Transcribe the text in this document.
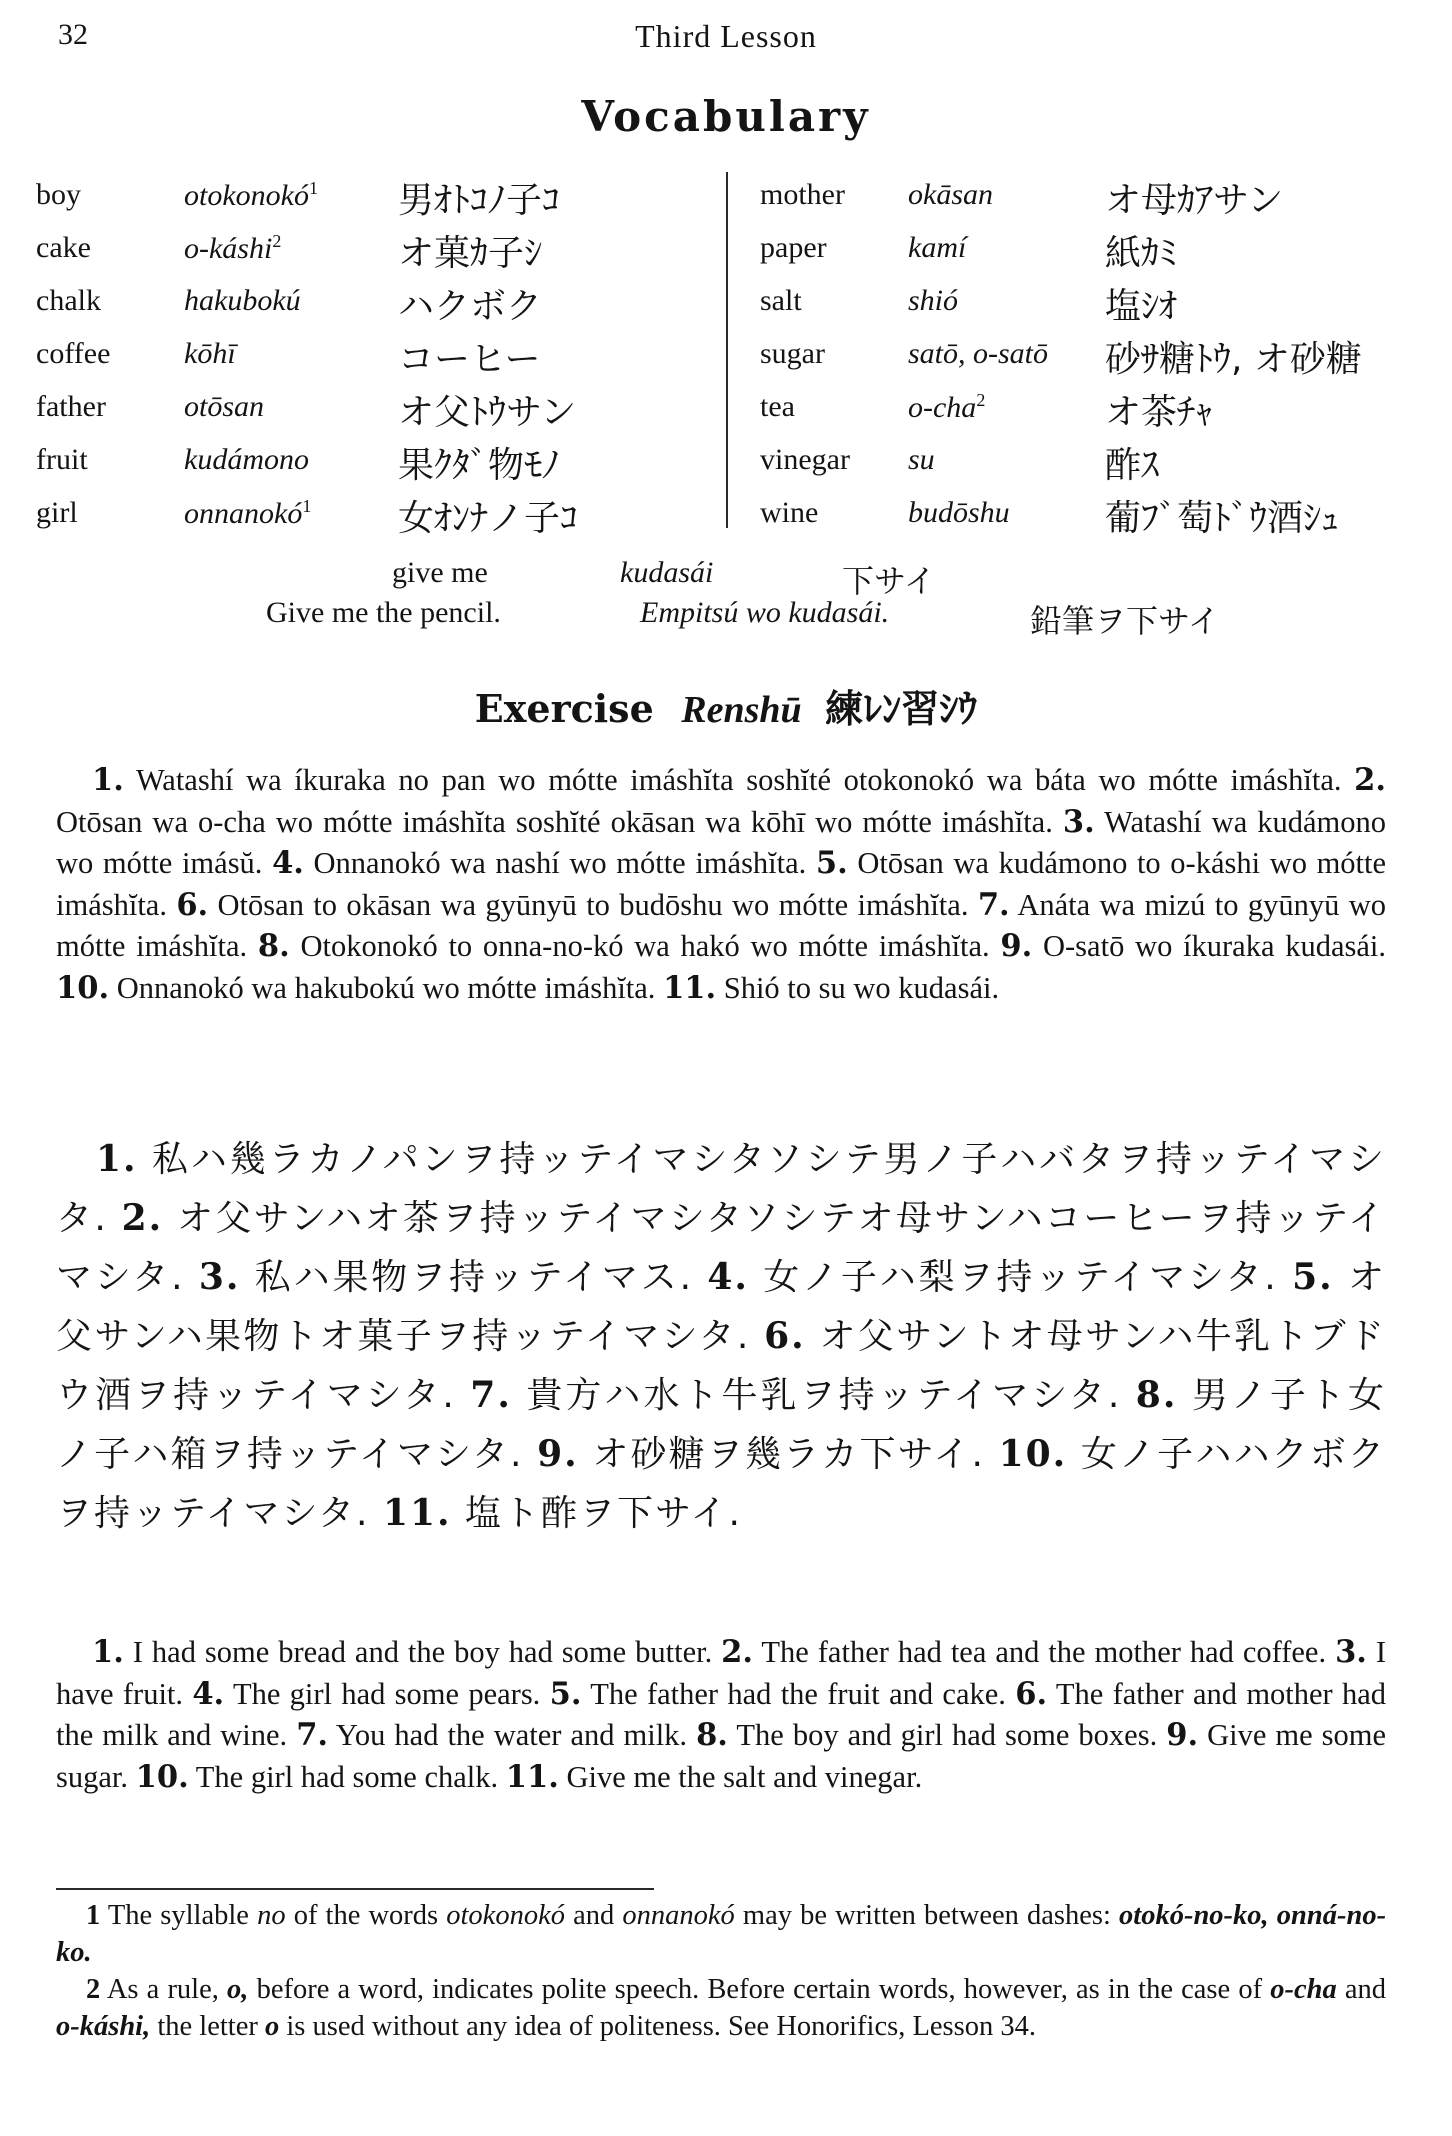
32	Third Lesson
Vocabulary
boy	otokonokó$^1$ 男ｵﾄｺﾉ子ｺ
cake	o-káshi$^2$	オ菓ｶ子ｼ
chalk	hakubokú	ハクボク
coffee kōhī	コーヒー
father	otōsan	オ父ﾄｳサン
fruit	kudámono 果ｸﾀﾞ物ﾓﾉ
girl	onnanokó$^1$ 女ｵﾝﾅノ子ｺ
mother okāsan	オ母ｶｱサン
paper	kamí	紙ｶﾐ
salt	shió	塩ｼｵ
sugar	satō, o-satō 砂ｻ糖ﾄｳ, オ砂糖
tea	o-cha$^2$	オ茶ﾁｬ
vinegar su	酢ｽ
wine	budōshu	葡ﾌﾞ萄ﾄﾞｳ酒ｼｭ
give me	kudasái	下サイ
Give me the pencil.	Empitsú wo kudasái.	鉛筆ヲ下サイ
Exercise Renshū 練ﾚﾝ習ｼｳ
1. Watashí wa íkuraka no pan wo mótte imáshĭta soshĭté otokonokó wa báta wo mótte imáshĭta. 2. Otōsan wa o-cha wo mótte imáshĭta soshĭté okāsan wa kōhī wo mótte imáshĭta. 3. Watashí wa kudámono wo mótte imásŭ. 4. Onnanokó wa nashí wo mótte imáshĭta. 5. Otōsan wa kudámono to o-káshi wo mótte imáshĭta. 6. Otōsan to okāsan wa gyūnyū to budōshu wo mótte imáshĭta. 7. Anáta wa mizú to gyūnyū wo mótte imáshĭta. 8. Otokonokó to onna-no-kó wa hakó wo mótte imáshĭta. 9. O-satō wo íkuraka kudasái. 10. Onnanokó wa hakubokú wo mótte imáshĭta. 11. Shió to su wo kudasái.
1. 私ハ幾ラカノパンヲ持ッテイマシタソシテ男ノ子ハバタヲ持ッテイマシタ. 2. オ父サンハオ茶ヲ持ッテイマシタソシテオ母サンハコーヒーヲ持ッテイマシタ. 3. 私ハ果物ヲ持ッテイマス. 4. 女ノ子ハ梨ヲ持ッテイマシタ. 5. オ父サンハ果物トオ菓子ヲ持ッテイマシタ. 6. オ父サントオ母サンハ牛乳トブドウ酒ヲ持ッテイマシタ. 7. 貴方ハ水ト牛乳ヲ持ッテイマシタ. 8. 男ノ子ト女ノ子ハ箱ヲ持ッテイマシタ. 9. オ砂糖ヲ幾ラカ下サイ. 10. 女ノ子ハハクボクヲ持ッテイマシタ. 11. 塩ト酢ヲ下サイ.
1. I had some bread and the boy had some butter. 2. The father had tea and the mother had coffee. 3. I have fruit. 4. The girl had some pears. 5. The father had the fruit and cake. 6. The father and mother had the milk and wine. 7. You had the water and milk. 8. The boy and girl had some boxes. 9. Give me some sugar. 10. The girl had some chalk. 11. Give me the salt and vinegar.
1 The syllable no of the words otokonokó and onnanokó may be written between dashes: otokó-no-ko, onná-no-ko.
2 As a rule, o, before a word, indicates polite speech. Before certain words, however, as in the case of o-cha and o-káshi, the letter o is used without any idea of politeness. See Honorifics, Lesson 34.
